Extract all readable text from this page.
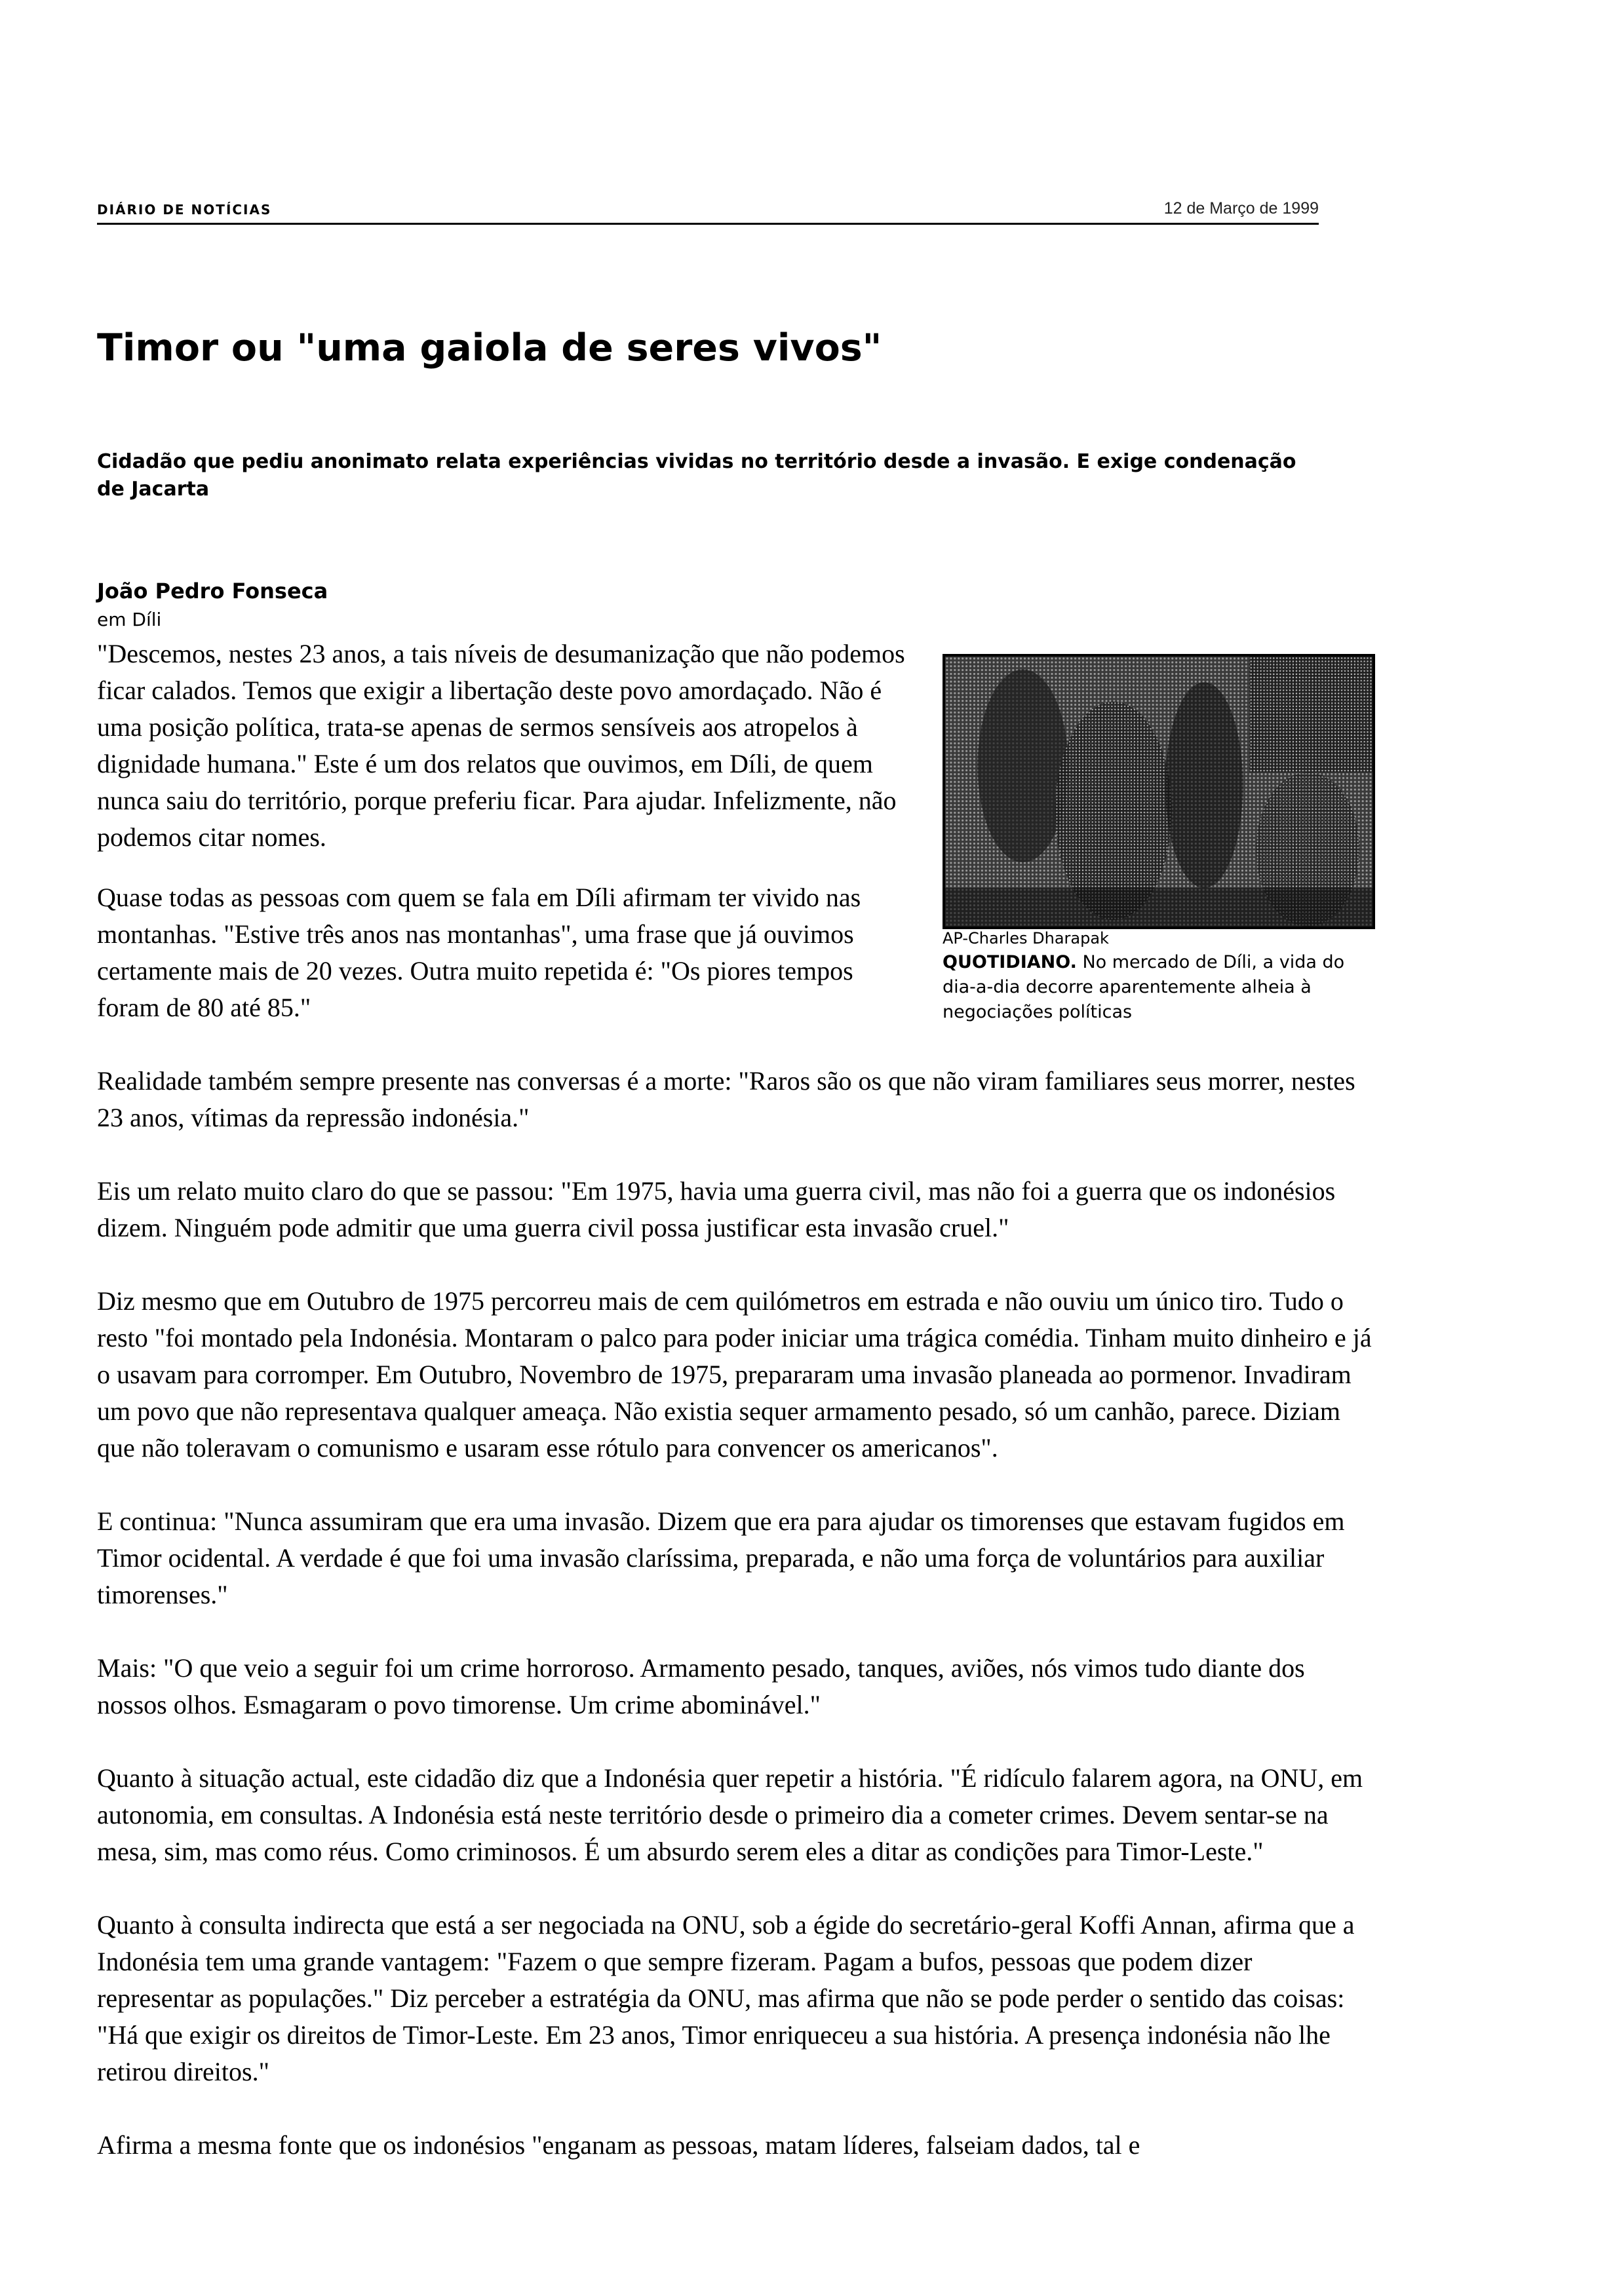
DIÁRIO DE NOTÍCIAS	12 de Março de 1999
Timor ou "uma gaiola de seres vivos"

Cidadão que pediu anonimato relata experiências vividas no território desde a invasão. E exige condenação de Jacarta

João Pedro Fonseca
em Díli
AP-Charles Dharapak
QUOTIDIANO. No mercado de Díli, a vida do dia-a-dia decorre aparentemente alheia à negociações políticas

"Descemos, nestes 23 anos, a tais níveis de desumanização que não podemos ficar calados. Temos que exigir a libertação deste povo amordaçado. Não é uma posição política, trata-se apenas de sermos sensíveis aos atropelos à dignidade humana." Este é um dos relatos que ouvimos, em Díli, de quem nunca saiu do território, porque preferiu ficar. Para ajudar. Infelizmente, não podemos citar nomes.

Quase todas as pessoas com quem se fala em Díli afirmam ter vivido nas montanhas. "Estive três anos nas montanhas", uma frase que já ouvimos certamente mais de 20 vezes. Outra muito repetida é: "Os piores tempos foram de 80 até 85."

Realidade também sempre presente nas conversas é a morte: "Raros são os que não viram familiares seus morrer, nestes 23 anos, vítimas da repressão indonésia."

Eis um relato muito claro do que se passou: "Em 1975, havia uma guerra civil, mas não foi a guerra que os indonésios dizem. Ninguém pode admitir que uma guerra civil possa justificar esta invasão cruel."

Diz mesmo que em Outubro de 1975 percorreu mais de cem quilómetros em estrada e não ouviu um único tiro. Tudo o resto "foi montado pela Indonésia. Montaram o palco para poder iniciar uma trágica comédia. Tinham muito dinheiro e já o usavam para corromper. Em Outubro, Novembro de 1975, prepararam uma invasão planeada ao pormenor. Invadiram um povo que não representava qualquer ameaça. Não existia sequer armamento pesado, só um canhão, parece. Diziam que não toleravam o comunismo e usaram esse rótulo para convencer os americanos".

E continua: "Nunca assumiram que era uma invasão. Dizem que era para ajudar os timorenses que estavam fugidos em Timor ocidental. A verdade é que foi uma invasão claríssima, preparada, e não uma força de voluntários para auxiliar timorenses."

Mais: "O que veio a seguir foi um crime horroroso. Armamento pesado, tanques, aviões, nós vimos tudo diante dos nossos olhos. Esmagaram o povo timorense. Um crime abominável."

Quanto à situação actual, este cidadão diz que a Indonésia quer repetir a história. "É ridículo falarem agora, na ONU, em autonomia, em consultas. A Indonésia está neste território desde o primeiro dia a cometer crimes. Devem sentar-se na mesa, sim, mas como réus. Como criminosos. É um absurdo serem eles a ditar as condições para Timor-Leste."

Quanto à consulta indirecta que está a ser negociada na ONU, sob a égide do secretário-geral Koffi Annan, afirma que a Indonésia tem uma grande vantagem: "Fazem o que sempre fizeram. Pagam a bufos, pessoas que podem dizer representar as populações." Diz perceber a estratégia da ONU, mas afirma que não se pode perder o sentido das coisas: "Há que exigir os direitos de Timor-Leste. Em 23 anos, Timor enriqueceu a sua história. A presença indonésia não lhe retirou direitos."

Afirma a mesma fonte que os indonésios "enganam as pessoas, matam líderes, falseiam dados, tal e
